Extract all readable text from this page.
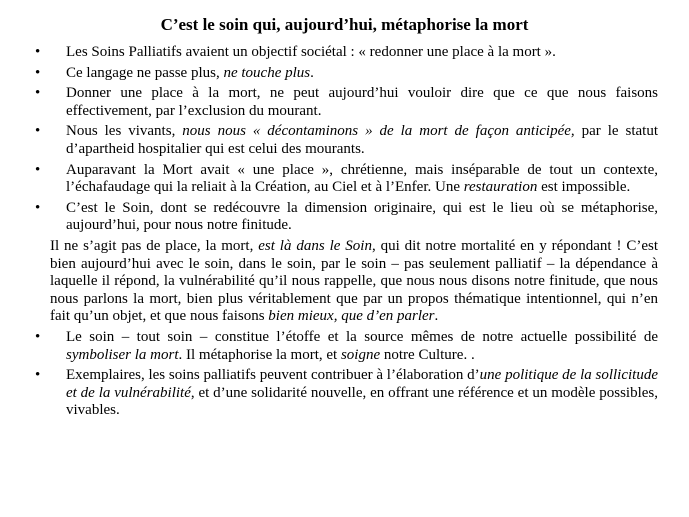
C’est le soin qui, aujourd’hui, métaphorise la mort
• Les Soins Palliatifs avaient un objectif sociétal : « redonner une place à la mort ».
• Ce langage ne passe plus, ne touche plus.
• Donner une place à la mort, ne peut aujourd’hui vouloir dire que ce que nous faisons effectivement, par l’exclusion du mourant.
• Nous les vivants, nous nous « décontaminons » de la mort de façon anticipée, par le statut d’apartheid hospitalier qui est celui des mourants.
• Auparavant la Mort avait « une place », chrétienne, mais inséparable de tout un contexte, l’échafaudage qui la reliait à la Création, au Ciel et à l’Enfer. Une restauration est impossible.
• C’est le Soin, dont se redécouvre la dimension originaire, qui est le lieu où se métaphorise, aujourd’hui, pour nous notre finitude.
Il ne s’agit pas de place, la mort, est là dans le Soin, qui dit notre mortalité en y répondant ! C’est bien aujourd’hui avec le soin, dans le soin, par le soin – pas seulement palliatif – la dépendance à laquelle il répond, la vulnérabilité qu’il nous rappelle, que nous nous disons notre finitude, que nous nous parlons la mort, bien plus véritablement que par un propos thématique intentionnel, qui n’en fait qu’un objet, et que nous faisons bien mieux, que d’en parler.
• Le soin – tout soin – constitue l’étoffe et la source mêmes de notre actuelle possibilité de symboliser la mort. Il métaphorise la mort, et soigne notre Culture. .
• Exemplaires, les soins palliatifs peuvent contribuer à l’élaboration d’une politique de la sollicitude et de la vulnérabilité, et d’une solidarité nouvelle, en offrant une référence et un modèle possibles, vivables.
